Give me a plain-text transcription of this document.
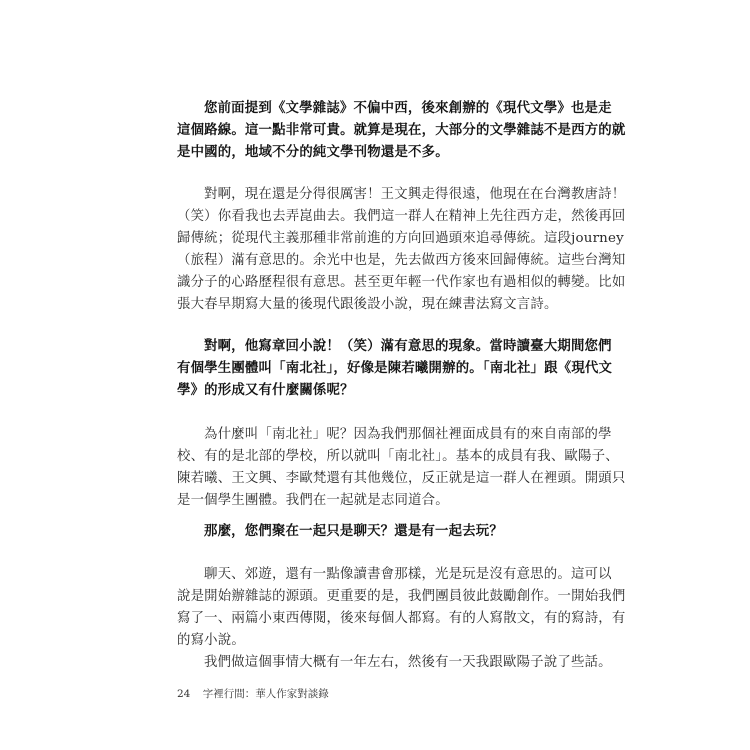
您前面提到《文學雜誌》不偏中西，後來創辦的《現代文學》也是走
這個路線。這一點非常可貴。就算是現在，大部分的文學雜誌不是西方的就
是中國的，地域不分的純文學刊物還是不多。

對啊，現在還是分得很厲害！王文興走得很遠，他現在在台灣教唐詩！
（笑）你看我也去弄崑曲去。我們這一群人在精神上先往西方走，然後再回
歸傳統；從現代主義那種非常前進的方向回過頭來追尋傳統。這段journey
（旅程）滿有意思的。余光中也是，先去做西方後來回歸傳統。這些台灣知
識分子的心路歷程很有意思。甚至更年輕一代作家也有過相似的轉變。比如
張大春早期寫大量的後現代跟後設小說，現在練書法寫文言詩。

對啊，他寫章回小說！（笑）滿有意思的現象。當時讀臺大期間您們
有個學生團體叫「南北社」，好像是陳若曦開辦的。「南北社」跟《現代文
學》的形成又有什麼關係呢？

為什麼叫「南北社」呢？因為我們那個社裡面成員有的來自南部的學
校、有的是北部的學校，所以就叫「南北社」。基本的成員有我、歐陽子、
陳若曦、王文興、李歐梵還有其他幾位，反正就是這一群人在裡頭。開頭只
是一個學生團體。我們在一起就是志同道合。

那麼，您們聚在一起只是聊天？還是有一起去玩？

聊天、郊遊，還有一點像讀書會那樣，光是玩是沒有意思的。這可以
說是開始辦雜誌的源頭。更重要的是，我們團員彼此鼓勵創作。一開始我們
寫了一、兩篇小東西傳閱，後來每個人都寫。有的人寫散文，有的寫詩，有
的寫小說。
我們做這個事情大概有一年左右，然後有一天我跟歐陽子說了些話。

24 字裡行間：華人作家對談錄
